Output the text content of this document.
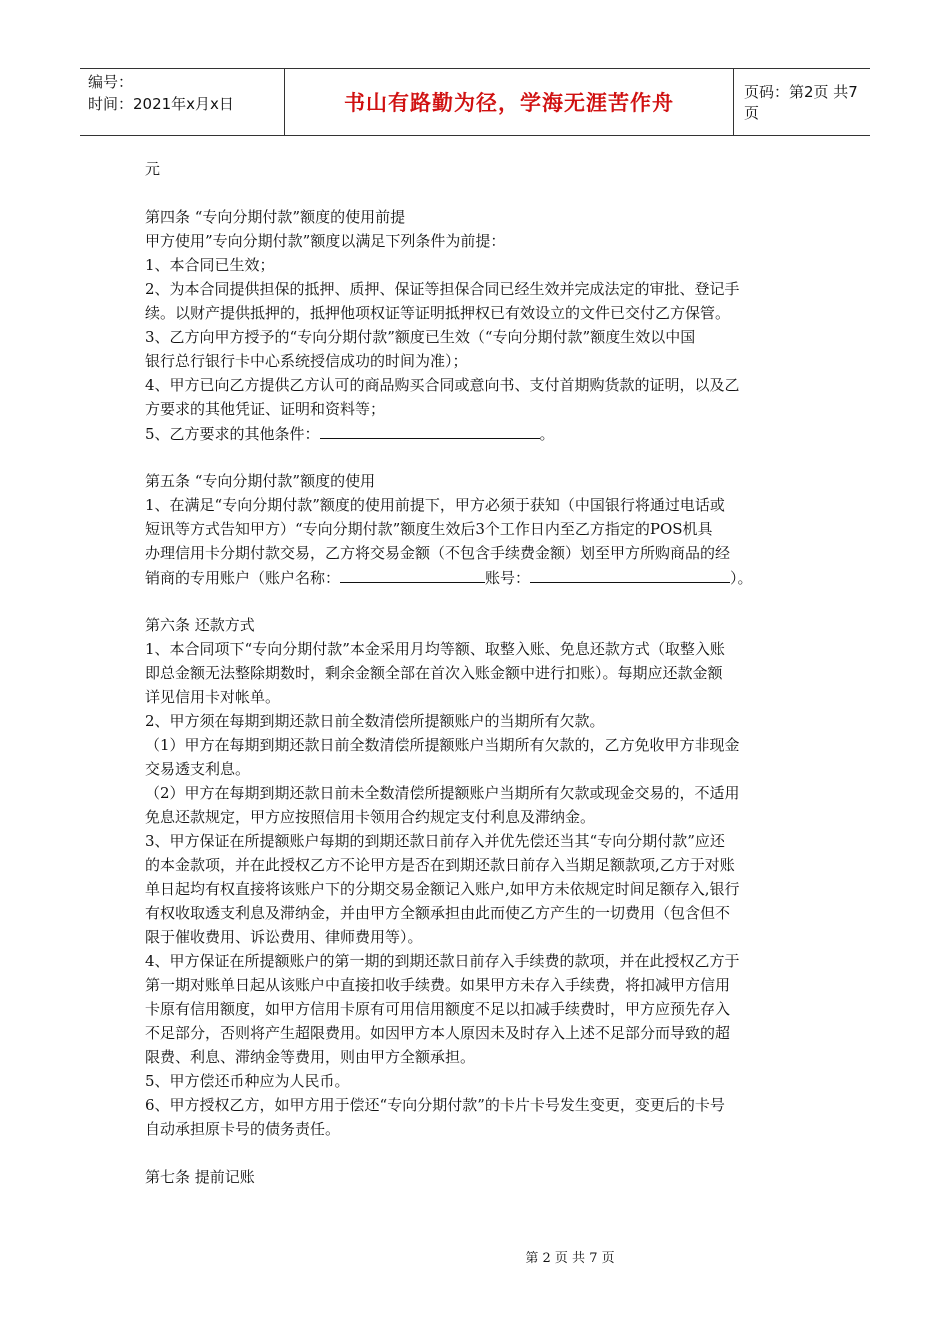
编号：
时间：2021年x月x日	书山有路勤为径，学海无涯苦作舟	页码：第2页 共7页
元
第四条 “专向分期付款”额度的使用前提
甲方使用”专向分期付款”额度以满足下列条件为前提：
1、本合同已生效；
2、为本合同提供担保的抵押、质押、保证等担保合同已经生效并完成法定的审批、登记手
续。以财产提供抵押的，抵押他项权证等证明抵押权已有效设立的文件已交付乙方保管。
3、乙方向甲方授予的“专向分期付款”额度已生效（“专向分期付款”额度生效以中国
银行总行银行卡中心系统授信成功的时间为准）；
4、甲方已向乙方提供乙方认可的商品购买合同或意向书、支付首期购货款的证明，以及乙
方要求的其他凭证、证明和资料等；
5、乙方要求的其他条件：	。
第五条 “专向分期付款”额度的使用
1、在满足“专向分期付款”额度的使用前提下，甲方必须于获知（中国银行将通过电话或
短讯等方式告知甲方）“专向分期付款”额度生效后3个工作日内至乙方指定的POS机具
办理信用卡分期付款交易，乙方将交易金额（不包含手续费金额）划至甲方所购商品的经
销商的专用账户（账户名称：	账号：	）。
第六条 还款方式
1、本合同项下“专向分期付款”本金采用月均等额、取整入账、免息还款方式（取整入账
即总金额无法整除期数时，剩余金额全部在首次入账金额中进行扣账）。每期应还款金额
详见信用卡对帐单。
2、甲方须在每期到期还款日前全数清偿所提额账户的当期所有欠款。
（1）甲方在每期到期还款日前全数清偿所提额账户当期所有欠款的，乙方免收甲方非现金
交易透支利息。
（2）甲方在每期到期还款日前未全数清偿所提额账户当期所有欠款或现金交易的，不适用
免息还款规定，甲方应按照信用卡领用合约规定支付利息及滞纳金。
3、甲方保证在所提额账户每期的到期还款日前存入并优先偿还当其“专向分期付款”应还
的本金款项，并在此授权乙方不论甲方是否在到期还款日前存入当期足额款项,乙方于对账
单日起均有权直接将该账户下的分期交易金额记入账户,如甲方未依规定时间足额存入,银行
有权收取透支利息及滞纳金，并由甲方全额承担由此而使乙方产生的一切费用（包含但不
限于催收费用、诉讼费用、律师费用等）。
4、甲方保证在所提额账户的第一期的到期还款日前存入手续费的款项，并在此授权乙方于
第一期对账单日起从该账户中直接扣收手续费。如果甲方未存入手续费，将扣减甲方信用
卡原有信用额度，如甲方信用卡原有可用信用额度不足以扣减手续费时，甲方应预先存入
不足部分，否则将产生超限费用。如因甲方本人原因未及时存入上述不足部分而导致的超
限费、利息、滞纳金等费用，则由甲方全额承担。
5、甲方偿还币种应为人民币。
6、甲方授权乙方，如甲方用于偿还“专向分期付款”的卡片卡号发生变更，变更后的卡号
自动承担原卡号的债务责任。
第七条 提前记账
第 2 页 共 7 页
